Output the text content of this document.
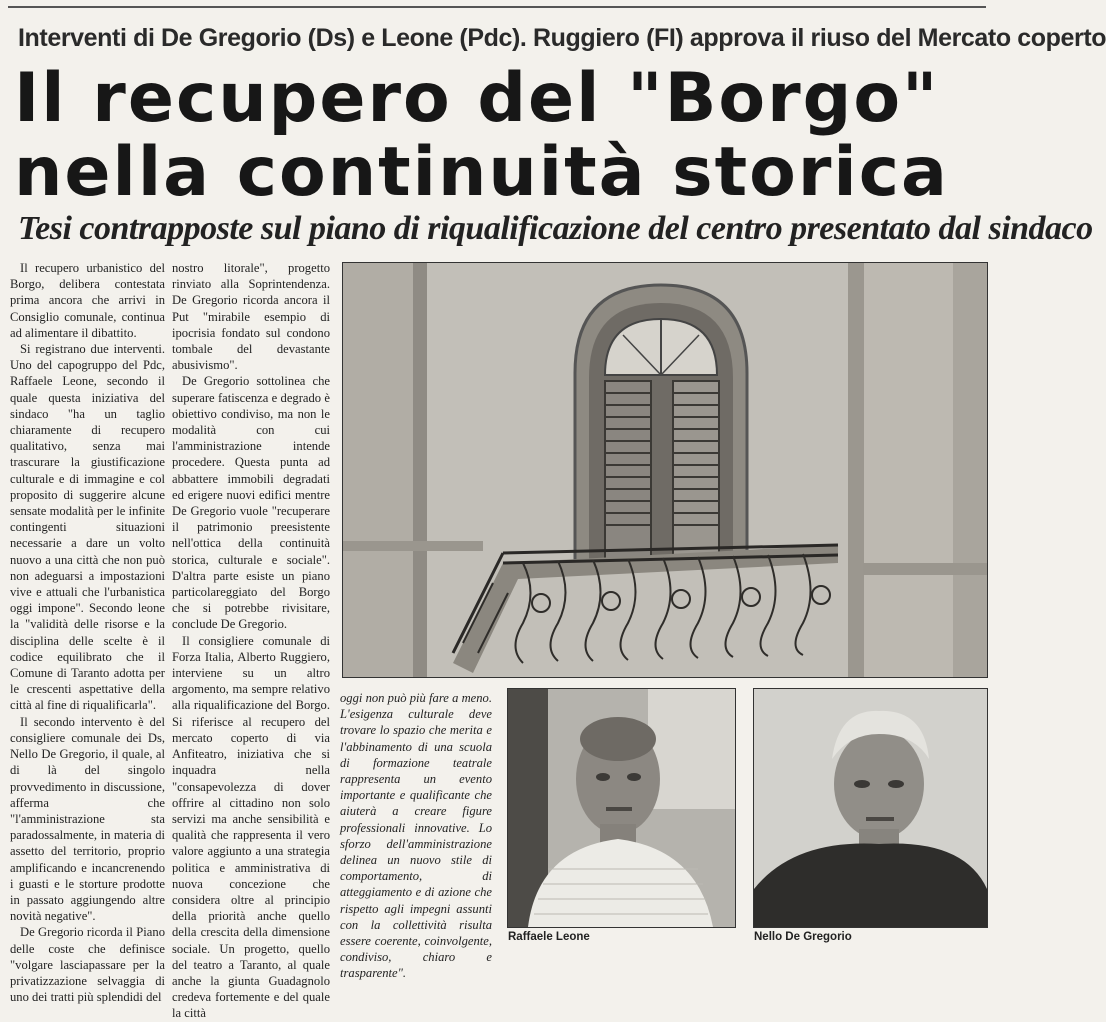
Interventi di De Gregorio (Ds) e Leone (Pdc). Ruggiero (FI) approva il riuso del Mercato coperto
Il recupero del "Borgo"
nella continuità storica
Tesi contrapposte sul piano di riqualificazione del centro presentato dal sindaco

Il recupero urbanistico del Borgo, delibera contestata prima ancora che arrivi in Consiglio comunale, continua ad alimentare il dibattito.

Si registrano due interventi. Uno del capogruppo del Pdc, Raffaele Leone, secondo il quale questa iniziativa del sindaco "ha un taglio chiaramente di recupero qualitativo, senza mai trascurare la giustificazione culturale e di immagine e col proposito di suggerire alcune sensate modalità per le infinite contingenti situazioni necessarie a dare un volto nuovo a una città che non può non adeguarsi a impostazioni vive e attuali che l'urbanistica oggi impone". Secondo leone la "validità delle risorse e la disciplina delle scelte è il codice equilibrato che il Comune di Taranto adotta per le crescenti aspettative della città al fine di riqualificarla".

Il secondo intervento è del consigliere comunale dei Ds, Nello De Gregorio, il quale, al di là del singolo provvedimento in discussione, afferma che "l'amministrazione sta paradossalmente, in materia di assetto del territorio, proprio amplificando e incancrenendo i guasti e le storture prodotte in passato aggiungendo altre novità negative".

De Gregorio ricorda il Piano delle coste che definisce "volgare lasciapassare per la privatizzazione selvaggia di uno dei tratti più splendidi del

nostro litorale", progetto rinviato alla Soprintendenza. De Gregorio ricorda ancora il Put "mirabile esempio di ipocrisia fondato sul condono tombale del devastante abusivismo".

De Gregorio sottolinea che superare fatiscenza e degrado è obiettivo condiviso, ma non le modalità con cui l'amministrazione intende procedere. Questa punta ad abbattere immobili degradati ed erigere nuovi edifici mentre De Gregorio vuole "recuperare il patrimonio preesistente nell'ottica della continuità storica, culturale e sociale". D'altra parte esiste un piano particolareggiato del Borgo che si potrebbe rivisitare, conclude De Gregorio.

Il consigliere comunale di Forza Italia, Alberto Ruggiero, interviene su un altro argomento, ma sempre relativo alla riqualificazione del Borgo. Si riferisce al recupero del mercato coperto di via Anfiteatro, iniziativa che si inquadra nella "consapevolezza di dover offrire al cittadino non solo servizi ma anche sensibilità e qualità che rappresenta il vero valore aggiunto a una strategia politica e amministrativa di nuova concezione che considera oltre al principio della priorità anche quello della crescita della dimensione sociale. Un progetto, quello del teatro a Taranto, al quale anche la giunta Guadagnolo credeva fortemente e del quale la città

oggi non può più fare a meno. L'esigenza culturale deve trovare lo spazio che merita e l'abbinamento di una scuola di formazione teatrale rappresenta un evento importante e qualificante che aiuterà a creare figure professionali innovative. Lo sforzo dell'amministrazione delinea un nuovo stile di comportamento, di atteggiamento e di azione che rispetto agli impegni assunti con la collettività risulta essere coerente, coinvolgente, condiviso, chiaro e trasparente".

Raffaele Leone	Nello De Gregorio
